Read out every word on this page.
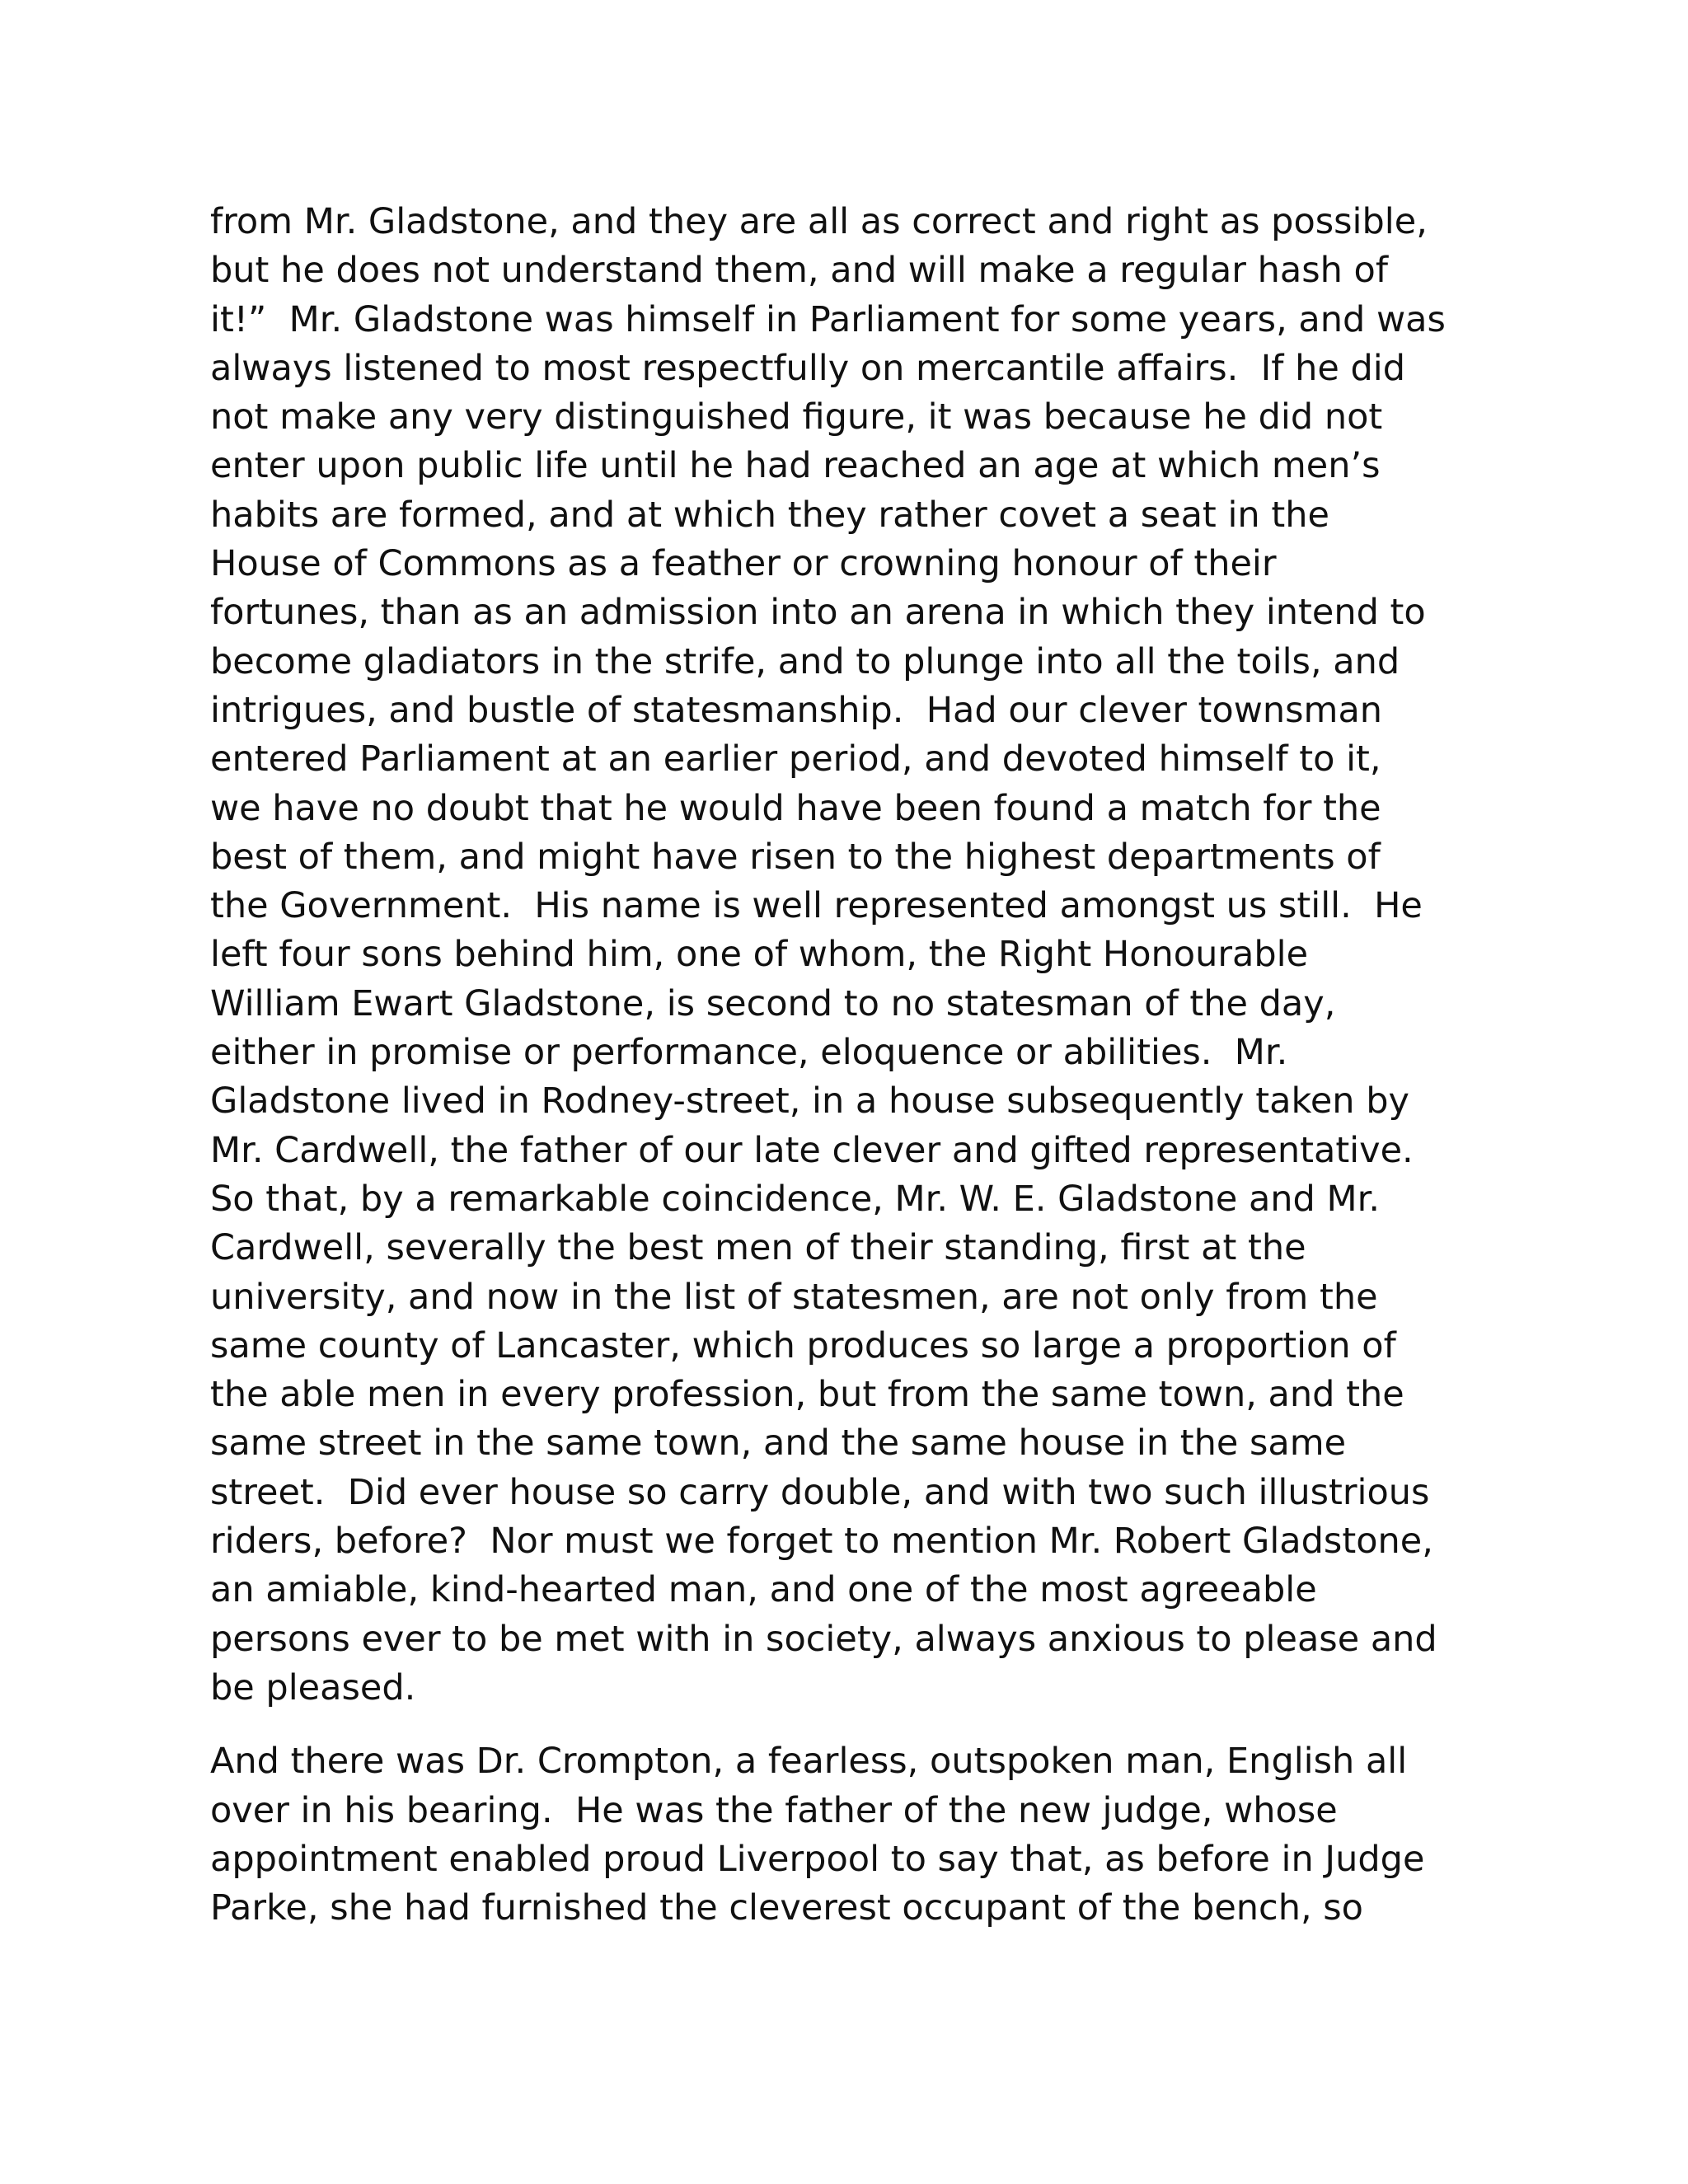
from Mr. Gladstone, and they are all as correct and right as possible,
but he does not understand them, and will make a regular hash of
it!”  Mr. Gladstone was himself in Parliament for some years, and was
always listened to most respectfully on mercantile affairs.  If he did
not make any very distinguished figure, it was because he did not
enter upon public life until he had reached an age at which men’s
habits are formed, and at which they rather covet a seat in the
House of Commons as a feather or crowning honour of their
fortunes, than as an admission into an arena in which they intend to
become gladiators in the strife, and to plunge into all the toils, and
intrigues, and bustle of statesmanship.  Had our clever townsman
entered Parliament at an earlier period, and devoted himself to it,
we have no doubt that he would have been found a match for the
best of them, and might have risen to the highest departments of
the Government.  His name is well represented amongst us still.  He
left four sons behind him, one of whom, the Right Honourable
William Ewart Gladstone, is second to no statesman of the day,
either in promise or performance, eloquence or abilities.  Mr.
Gladstone lived in Rodney-street, in a house subsequently taken by
Mr. Cardwell, the father of our late clever and gifted representative.
So that, by a remarkable coincidence, Mr. W. E. Gladstone and Mr.
Cardwell, severally the best men of their standing, first at the
university, and now in the list of statesmen, are not only from the
same county of Lancaster, which produces so large a proportion of
the able men in every profession, but from the same town, and the
same street in the same town, and the same house in the same
street.  Did ever house so carry double, and with two such illustrious
riders, before?  Nor must we forget to mention Mr. Robert Gladstone,
an amiable, kind-hearted man, and one of the most agreeable
persons ever to be met with in society, always anxious to please and
be pleased.
And there was Dr. Crompton, a fearless, outspoken man, English all
over in his bearing.  He was the father of the new judge, whose
appointment enabled proud Liverpool to say that, as before in Judge
Parke, she had furnished the cleverest occupant of the bench, so
